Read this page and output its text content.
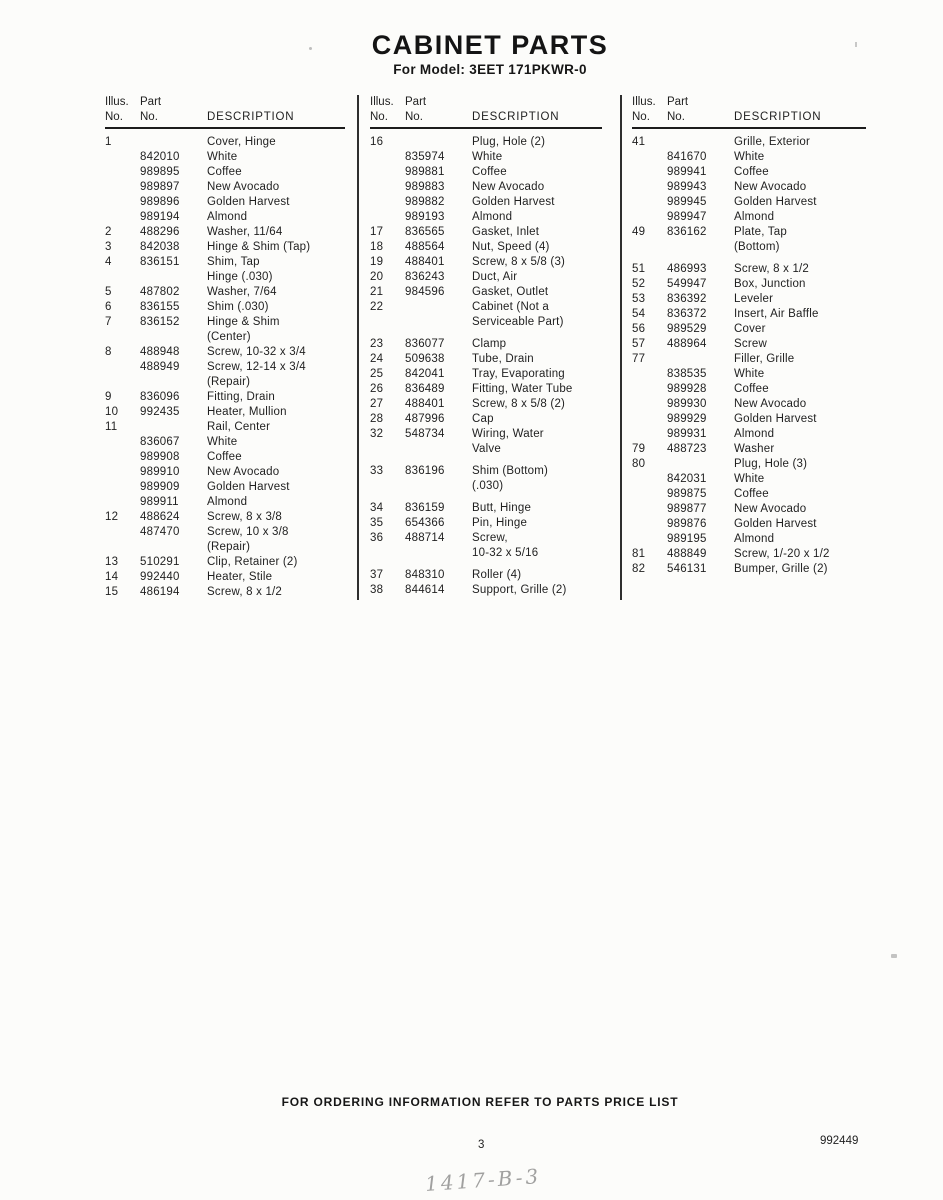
CABINET PARTS
For Model: 3EET 171PKWR-0
Illus. Part
No.	No.	DESCRIPTION
1	Cover, Hinge
842010	White
989895	Coffee
989897	New Avocado
989896	Golden Harvest
989194	Almond
2	488296	Washer, 11/64
3	842038	Hinge & Shim (Tap)
4	836151	Shim, Tap
Hinge (.030)
5	487802	Washer, 7/64
6	836155	Shim (.030)
7	836152	Hinge & Shim
(Center)
8	488948	Screw, 10-32 x 3/4
488949	Screw, 12-14 x 3/4
(Repair)
9	836096	Fitting, Drain
10	992435	Heater, Mullion
11	Rail, Center
836067	White
989908	Coffee
989910	New Avocado
989909	Golden Harvest
989911	Almond
12	488624	Screw, 8 x 3/8
487470	Screw, 10 x 3/8
(Repair)
13	510291	Clip, Retainer (2)
14	992440	Heater, Stile
15	486194	Screw, 8 x 1/2
Illus. Part
No.	No.	DESCRIPTION
16	Plug, Hole (2)
835974	White
989881	Coffee
989883	New Avocado
989882	Golden Harvest
989193	Almond
17	836565	Gasket, Inlet
18	488564	Nut, Speed (4)
19	488401	Screw, 8 x 5/8 (3)
20	836243	Duct, Air
21	984596	Gasket, Outlet
22	Cabinet (Not a
Serviceable Part)
23	836077	Clamp
24	509638	Tube, Drain
25	842041	Tray, Evaporating
26	836489	Fitting, Water Tube
27	488401	Screw, 8 x 5/8 (2)
28	487996	Cap
32	548734	Wiring, Water
Valve
33	836196	Shim (Bottom)
(.030)
34	836159	Butt, Hinge
35	654366	Pin, Hinge
36	488714	Screw,
10-32 x 5/16
37	848310	Roller (4)
38	844614	Support, Grille (2)
Illus. Part
No.	No.	DESCRIPTION
41	Grille, Exterior
841670	White
989941	Coffee
989943	New Avocado
989945	Golden Harvest
989947	Almond
49	836162	Plate, Tap
(Bottom)
51	486993	Screw, 8 x 1/2
52	549947	Box, Junction
53	836392	Leveler
54	836372	Insert, Air Baffle
56	989529	Cover
57	488964	Screw
77	Filler, Grille
838535	White
989928	Coffee
989930	New Avocado
989929	Golden Harvest
989931	Almond
79	488723	Washer
80	Plug, Hole (3)
842031	White
989875	Coffee
989877	New Avocado
989876	Golden Harvest
989195	Almond
81	488849	Screw, 1/-20 x 1/2
82	546131	Bumper, Grille (2)
FOR ORDERING INFORMATION REFER TO PARTS PRICE LIST
3	992449
1417-B-3
